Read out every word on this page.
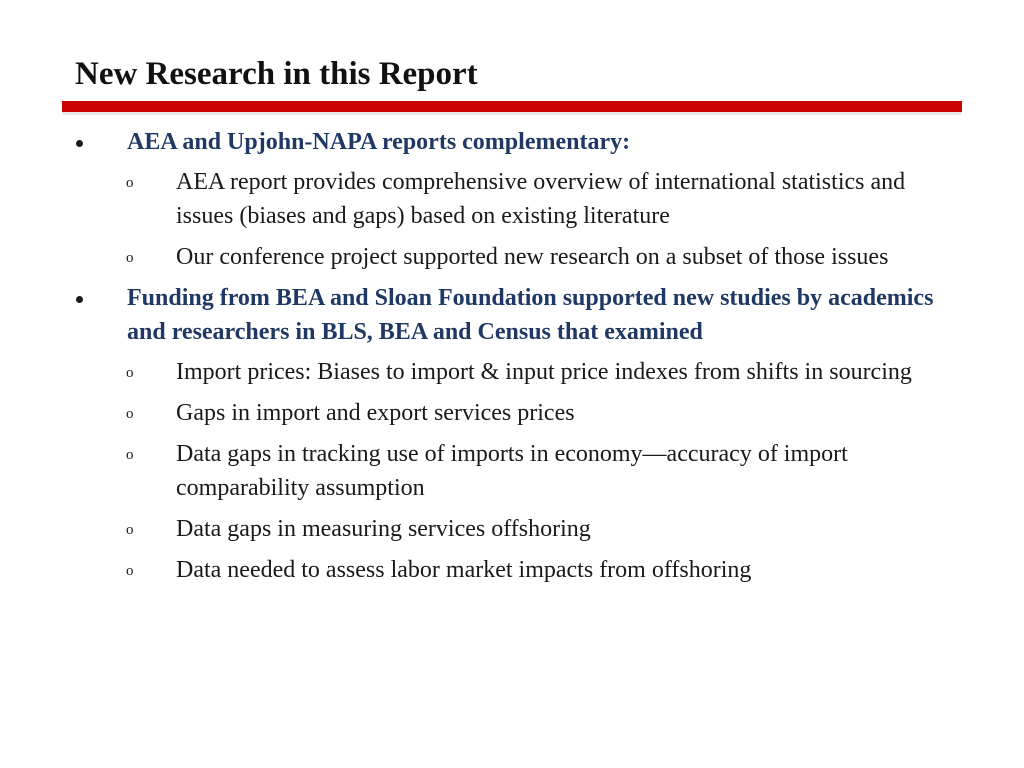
New Research in this Report
AEA and Upjohn-NAPA reports complementary:
o AEA report provides comprehensive overview of international statistics and issues (biases and gaps) based on existing literature
o Our conference project supported new research on a subset of those issues
Funding from BEA and Sloan Foundation supported new studies by academics and researchers in BLS, BEA and Census that examined
o Import prices: Biases to import & input price indexes from shifts in sourcing
o Gaps in import and export services prices
o Data gaps in tracking use of imports in economy—accuracy of import comparability assumption
o Data gaps in measuring services offshoring
o Data needed to assess labor market impacts from offshoring
